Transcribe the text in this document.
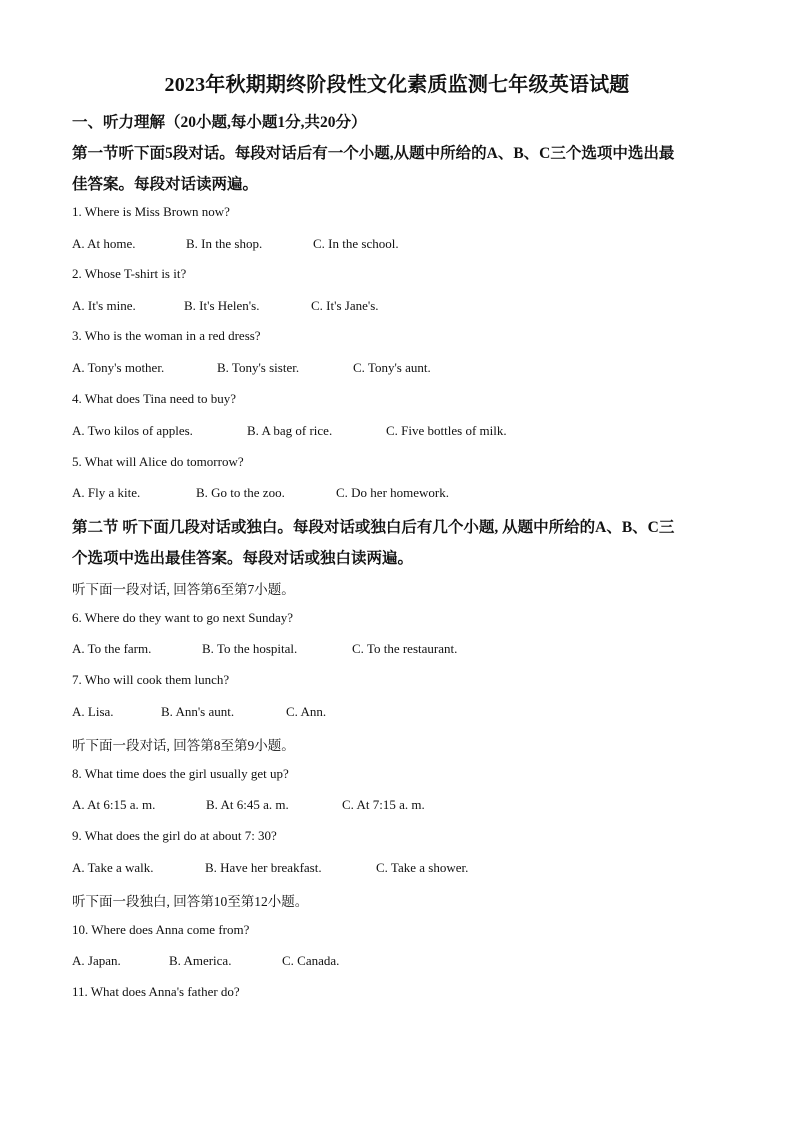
2023年秋期期终阶段性文化素质监测七年级英语试题
一、听力理解（20小题,每小题1分,共20分）
第一节听下面5段对话。每段对话后有一个小题,从题中所给的A、B、C三个选项中选出最
佳答案。每段对话读两遍。
1. Where is Miss Brown now?
A. At home.	B. In the shop.	C. In the school.
2. Whose T-shirt is it?
A. It's mine.	B. It's Helen's.	C. It's Jane's.
3. Who is the woman in a red dress?
A. Tony's mother.	B. Tony's sister.	C. Tony's aunt.
4. What does Tina need to buy?
A. Two kilos of apples.	B. A bag of rice.	C. Five bottles of milk.
5. What will Alice do tomorrow?
A. Fly a kite.	B. Go to the zoo.	C. Do her homework.
第二节 听下面几段对话或独白。每段对话或独白后有几个小题, 从题中所给的A、B、C三
个选项中选出最佳答案。每段对话或独白读两遍。
听下面一段对话, 回答第6至第7小题。
6. Where do they want to go next Sunday?
A. To the farm.	B. To the hospital.	C. To the restaurant.
7. Who will cook them lunch?
A. Lisa.	B. Ann's aunt.	C. Ann.
听下面一段对话, 回答第8至第9小题。
8. What time does the girl usually get up?
A. At 6:15 a. m.	B. At 6:45 a. m.	C. At 7:15 a. m.
9. What does the girl do at about 7: 30?
A. Take a walk.	B. Have her breakfast.	C. Take a shower.
听下面一段独白, 回答第10至第12小题。
10. Where does Anna come from?
A. Japan.	B. America.	C. Canada.
11. What does Anna's father do?
